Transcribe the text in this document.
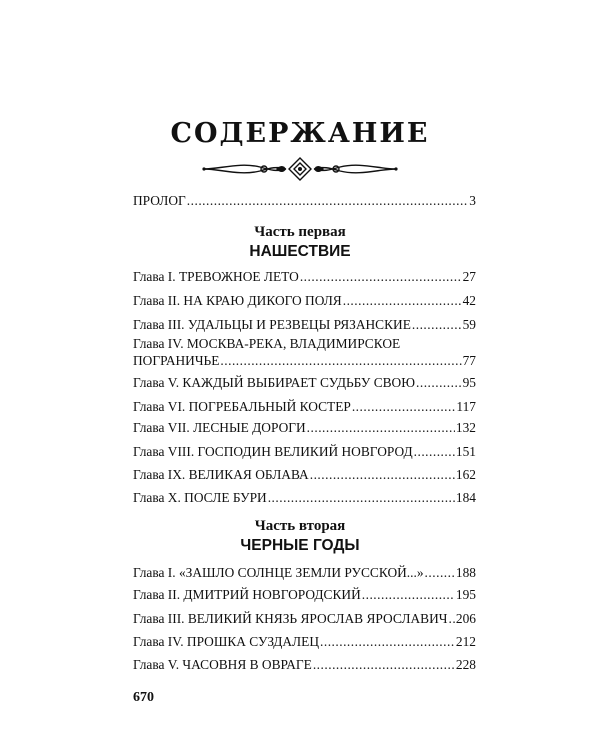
СОДЕРЖАНИЕ
ПРОЛОГ .....	3
Часть первая
НАШЕСТВИЕ
Глава I. ТРЕВОЖНОЕ ЛЕТО .....	27
Глава II. НА КРАЮ ДИКОГО ПОЛЯ .....	42
Глава III. УДАЛЬЦЫ И РЕЗВЕЦЫ РЯЗАНСКИЕ .....	59
Глава IV. МОСКВА-РЕКА, ВЛАДИМИРСКОЕ
ПОГРАНИЧЬЕ .....	77
Глава V. КАЖДЫЙ ВЫБИРАЕТ СУДЬБУ СВОЮ .....	95
Глава VI. ПОГРЕБАЛЬНЫЙ КОСТЕР .....	117
Глава VII. ЛЕСНЫЕ ДОРОГИ .....	132
Глава VIII. ГОСПОДИН ВЕЛИКИЙ НОВГОРОД .....	151
Глава IX. ВЕЛИКАЯ ОБЛАВА .....	162
Глава X. ПОСЛЕ БУРИ .....	184
Часть вторая
ЧЕРНЫЕ ГОДЫ
Глава I. «ЗАШЛО СОЛНЦЕ ЗЕМЛИ РУССКОЙ...» ..... 188
Глава II. ДМИТРИЙ НОВГОРОДСКИЙ .....	195
Глава III. ВЕЛИКИЙ КНЯЗЬ ЯРОСЛАВ ЯРОСЛАВИЧ ..... 206
Глава IV. ПРОШКА СУЗДАЛЕЦ .....	212
Глава V. ЧАСОВНЯ В ОВРАГЕ .....	228
670
